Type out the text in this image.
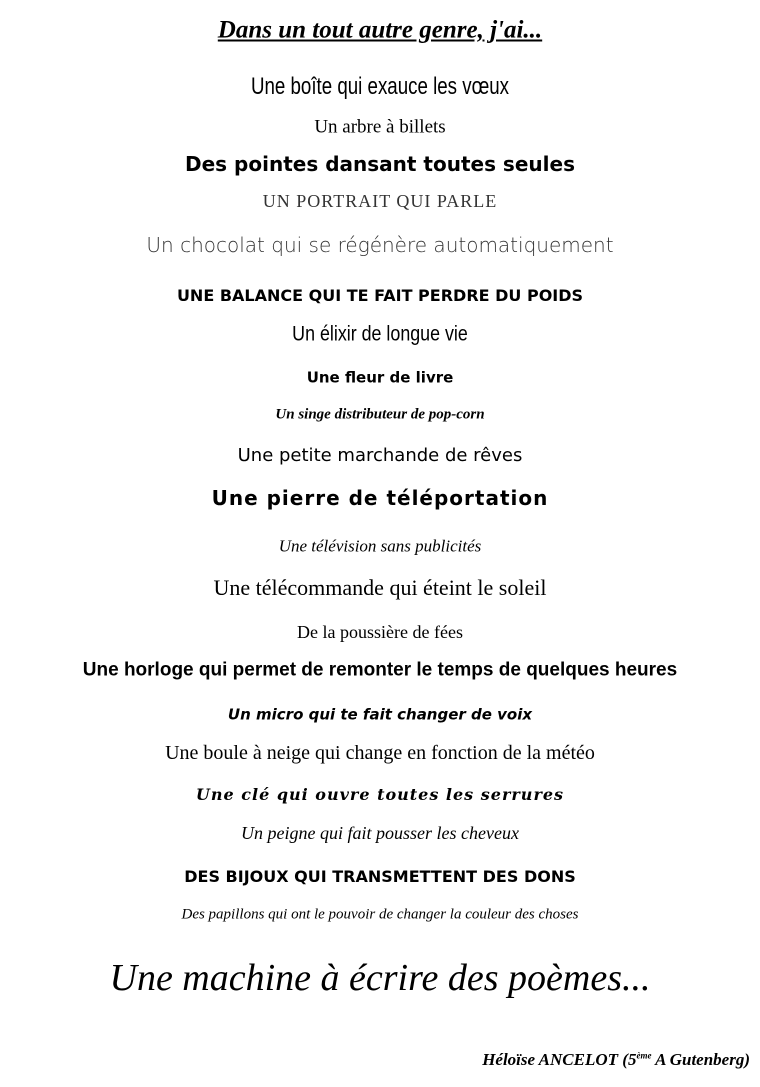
Dans un tout autre genre, j'ai...
Une boîte qui exauce les vœux
Un arbre à billets
Des pointes dansant toutes seules
UN PORTRAIT QUI PARLE
Un chocolat qui se régénère automatiquement
UNE BALANCE QUI TE FAIT PERDRE DU POIDS
Un élixir de longue vie
Une fleur de livre
Un singe distributeur de pop-corn
Une petite marchande de rêves
Une pierre de téléportation
Une télévision sans publicités
Une télécommande qui éteint le soleil
De la poussière de fées
Une horloge qui permet de remonter le temps de quelques heures
Un micro qui te fait changer de voix
Une boule à neige qui change en fonction de la météo
Une clé qui ouvre toutes les serrures
Un peigne qui fait pousser les cheveux
DES BIJOUX QUI TRANSMETTENT DES DONS
Des papillons qui ont le pouvoir de changer la couleur des choses
Une machine à écrire des poèmes...
Héloïse ANCELOT (5ème A Gutenberg)
